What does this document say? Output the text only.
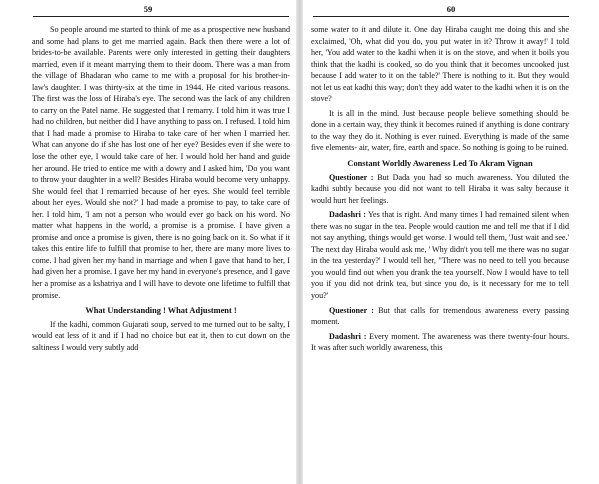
59

So people around me started to think of me as a prospective new husband and some had plans to get me married again. Back then there were a lot of brides-to-be available. Parents were only interested in getting their daughters married, even if it meant marrying them to their doom. There was a man from the village of Bhadaran who came to me with a proposal for his brother-in-law's daughter. I was thirty-six at the time in 1944. He cited various reasons. The first was the loss of Hiraba's eye. The second was the lack of any children to carry on the Patel name. He suggested that I remarry. I told him it was true I had no children, but neither did I have anything to pass on. I refused. I told him that I had made a promise to Hiraba to take care of her when I married her. What can anyone do if she has lost one of her eye? Besides even if she were to lose the other eye, I would take care of her. I would hold her hand and guide her around. He tried to entice me with a dowry and I asked him, 'Do you want to throw your daughter in a well? Besides Hiraba would become very unhappy. She would feel that I remarried because of her eyes. She would feel terrible about her eyes. Would she not?' I had made a promise to pay, to take care of her. I told him, 'I am not a person who would ever go back on his word. No matter what happens in the world, a promise is a promise. I have given a promise and once a promise is given, there is no going back on it. So what if it takes this entire life to fulfill that promise to her, there are many more lives to come. I had given her my hand in marriage and when I gave that hand to her, I had given her a promise. I gave her my hand in everyone's presence, and I gave her a promise as a kshatriya and I will have to devote one lifetime to fulfill that promise.

What Understanding ! What Adjustment !

If the kadhi, common Gujarati soup, served to me turned out to be salty, I would eat less of it and if I had no choice but eat it, then to cut down on the saltiness I would very subtly add

60

some water to it and dilute it. One day Hiraba caught me doing this and she exclaimed, 'Oh, what did you do, you put water in it? Throw it away!' I told her, 'You add water to the kadhi when it is on the stove, and when it boils you think that the kadhi is cooked, so do you think that it becomes uncooked just because I add water to it on the table?' There is nothing to it. But they would not let us eat kadhi this way; don't they add water to the kadhi when it is on the stove?

It is all in the mind. Just because people believe something should be done in a certain way, they think it becomes ruined if anything is done contrary to the way they do it. Nothing is ever ruined. Everything is made of the same five elements- air, water, fire, earth and space. So nothing is going to be ruined.

Constant Worldly Awareness Led To Akram Vignan

Questioner : But Dada you had so much awareness. You diluted the kadhi subtly because you did not want to tell Hiraba it was salty because it would hurt her feelings.

Dadashri : Yes that is right. And many times I had remained silent when there was no sugar in the tea. People would caution me and tell me that if I did not say anything, things would get worse. I would tell them, 'Just wait and see.' The next day Hiraba would ask me, ' Why didn't you tell me there was no sugar in the tea yesterday?' I would tell her, "There was no need to tell you because you would find out when you drank the tea yourself. Now I would have to tell you if you did not drink tea, but since you do, is it necessary for me to tell you?'

Questioner : But that calls for tremendous awareness every passing moment.

Dadashri : Every moment. The awareness was there twenty-four hours. It was after such worldly awareness, this
